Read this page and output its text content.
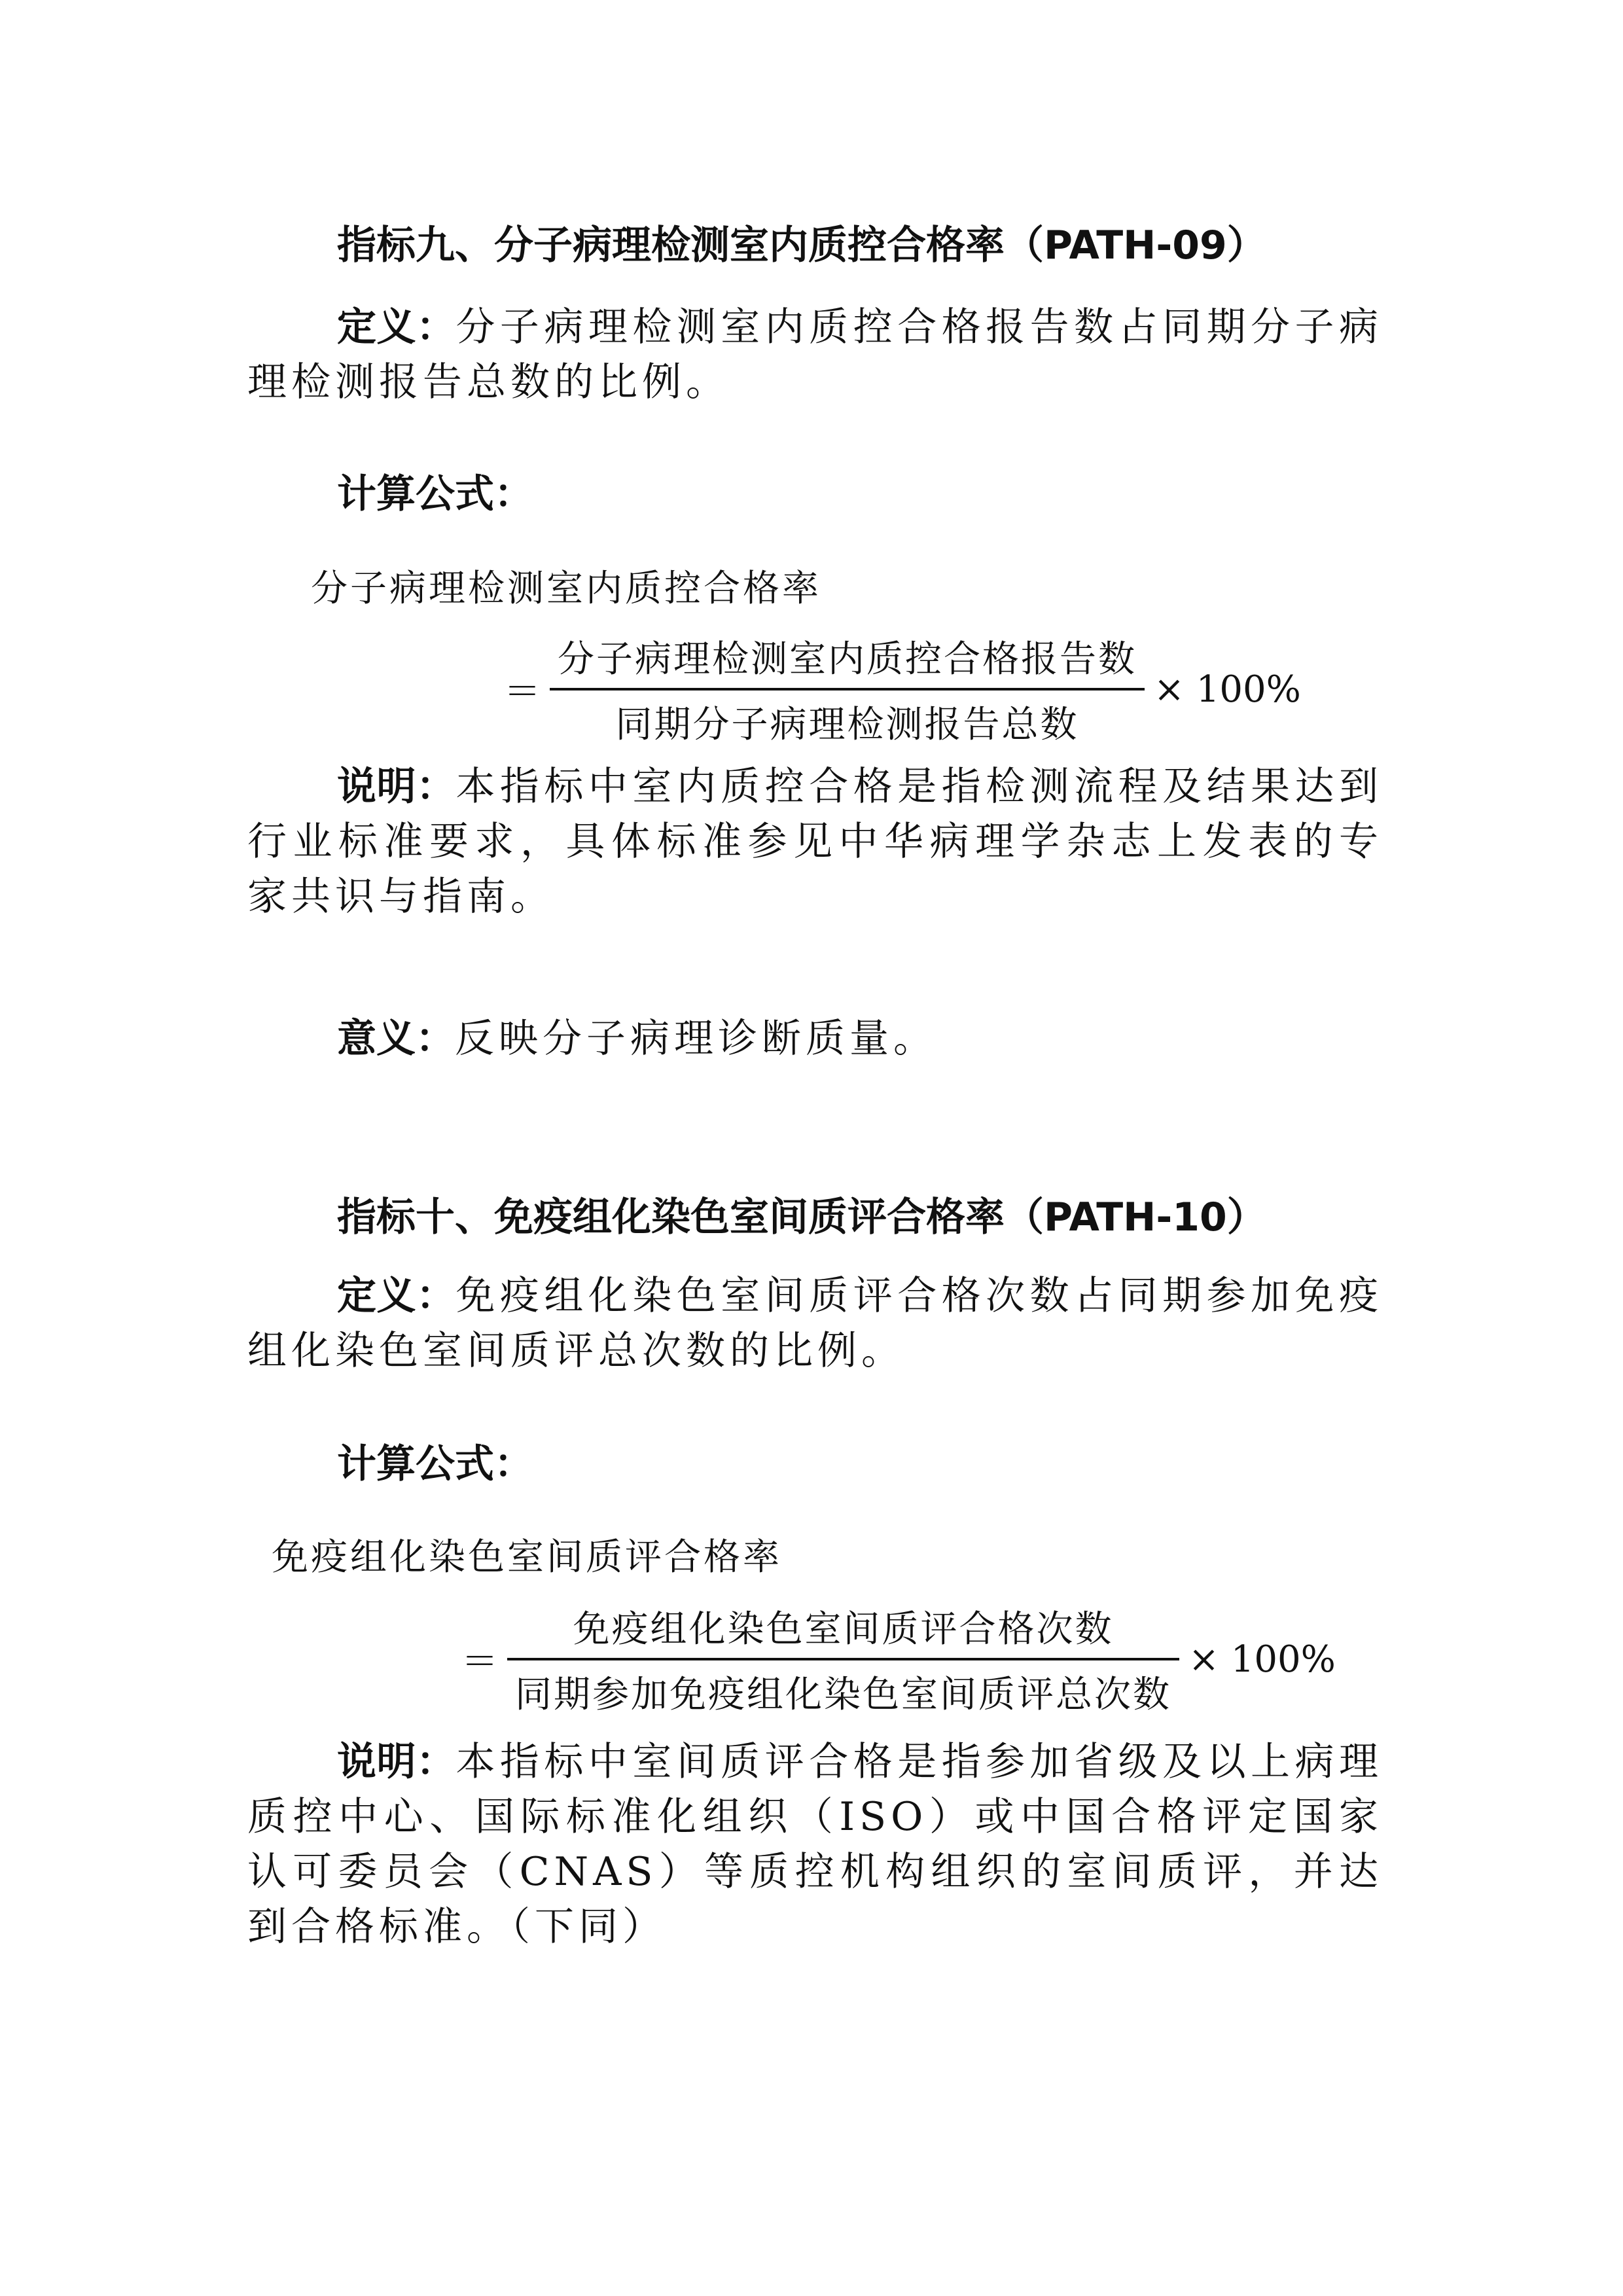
指标九、分子病理检测室内质控合格率（PATH-09）

定义：分子病理检测室内质控合格报告数占同期分子病理检测报告总数的比例。

计算公式：

分子病理检测室内质控合格率

＝ $\frac{\text{分子病理检测室内质控合格报告数}}{\text{同期分子病理检测报告总数}} \times 100\%$

说明：本指标中室内质控合格是指检测流程及结果达到行业标准要求，具体标准参见中华病理学杂志上发表的专家共识与指南。

意义：反映分子病理诊断质量。

指标十、免疫组化染色室间质评合格率（PATH-10）

定义：免疫组化染色室间质评合格次数占同期参加免疫组化染色室间质评总次数的比例。

计算公式：

免疫组化染色室间质评合格率

＝ $\frac{\text{免疫组化染色室间质评合格次数}}{\text{同期参加免疫组化染色室间质评总次数}} \times 100\%$

说明：本指标中室间质评合格是指参加省级及以上病理质控中心、国际标准化组织（ISO）或中国合格评定国家认可委员会（CNAS）等质控机构组织的室间质评，并达到合格标准。（下同）
